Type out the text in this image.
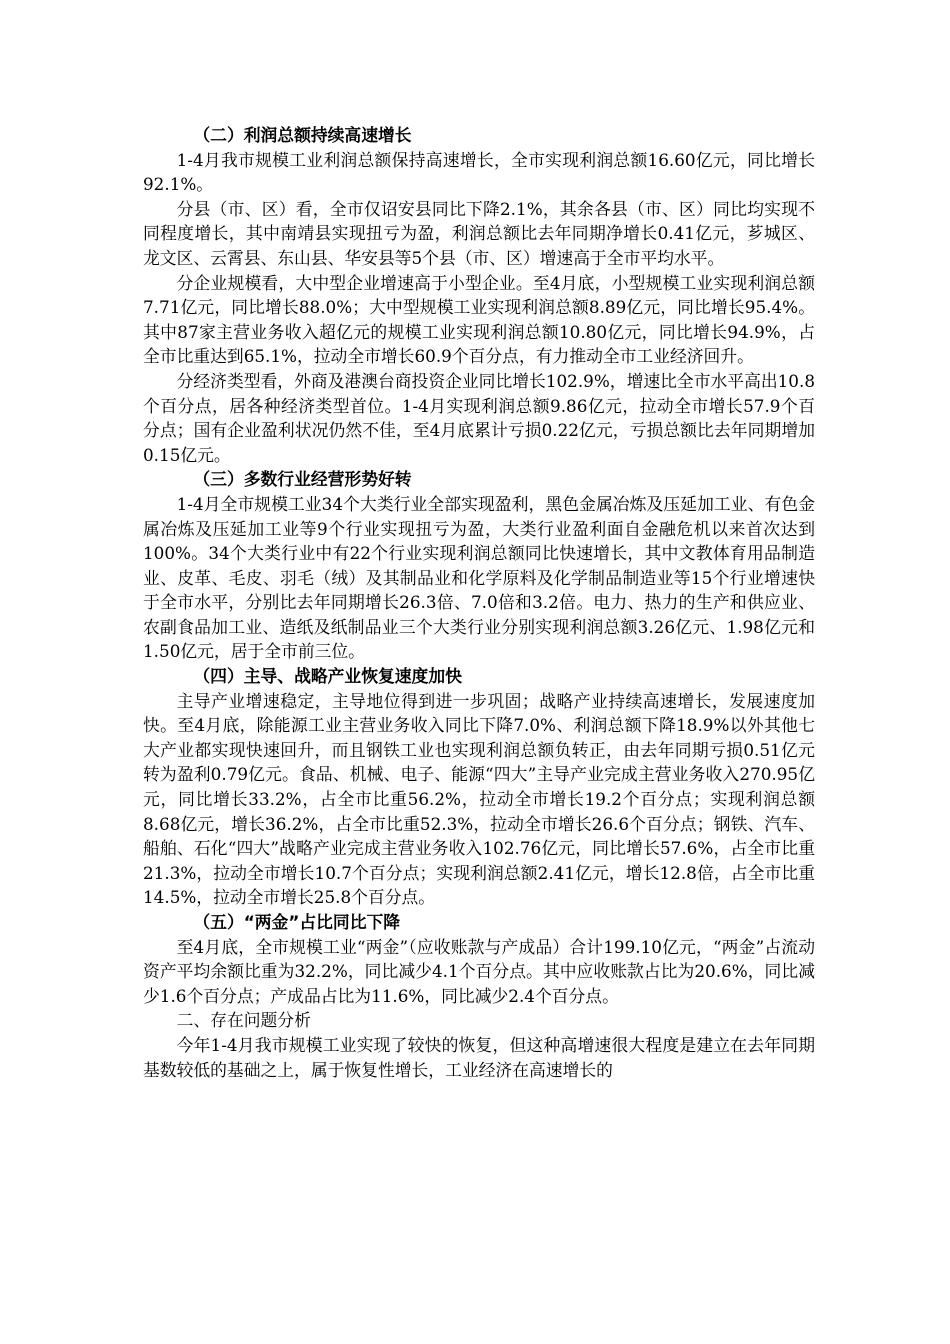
（二）利润总额持续高速增长

1-4月我市规模工业利润总额保持高速增长，全市实现利润总额16.60亿元，同比增长92.1%。

分县（市、区）看，全市仅诏安县同比下降2.1%，其余各县（市、区）同比均实现不同程度增长，其中南靖县实现扭亏为盈，利润总额比去年同期净增长0.41亿元，芗城区、龙文区、云霄县、东山县、华安县等5个县（市、区）增速高于全市平均水平。

分企业规模看，大中型企业增速高于小型企业。至4月底，小型规模工业实现利润总额7.71亿元，同比增长88.0%；大中型规模工业实现利润总额8.89亿元，同比增长95.4%。其中87家主营业务收入超亿元的规模工业实现利润总额10.80亿元，同比增长94.9%，占全市比重达到65.1%，拉动全市增长60.9个百分点，有力推动全市工业经济回升。

分经济类型看，外商及港澳台商投资企业同比增长102.9%，增速比全市水平高出10.8个百分点，居各种经济类型首位。1-4月实现利润总额9.86亿元，拉动全市增长57.9个百分点；国有企业盈利状况仍然不佳，至4月底累计亏损0.22亿元，亏损总额比去年同期增加0.15亿元。

（三）多数行业经营形势好转

1-4月全市规模工业34个大类行业全部实现盈利，黑色金属冶炼及压延加工业、有色金属冶炼及压延加工业等9个行业实现扭亏为盈，大类行业盈利面自金融危机以来首次达到100%。34个大类行业中有22个行业实现利润总额同比快速增长，其中文教体育用品制造业、皮革、毛皮、羽毛（绒）及其制品业和化学原料及化学制品制造业等15个行业增速快于全市水平，分别比去年同期增长26.3倍、7.0倍和3.2倍。电力、热力的生产和供应业、农副食品加工业、造纸及纸制品业三个大类行业分别实现利润总额3.26亿元、1.98亿元和1.50亿元，居于全市前三位。

（四）主导、战略产业恢复速度加快

主导产业增速稳定，主导地位得到进一步巩固；战略产业持续高速增长，发展速度加快。至4月底，除能源工业主营业务收入同比下降7.0%、利润总额下降18.9%以外其他七大产业都实现快速回升，而且钢铁工业也实现利润总额负转正，由去年同期亏损0.51亿元转为盈利0.79亿元。食品、机械、电子、能源“四大”主导产业完成主营业务收入270.95亿元，同比增长33.2%，占全市比重56.2%，拉动全市增长19.2个百分点；实现利润总额8.68亿元，增长36.2%，占全市比重52.3%，拉动全市增长26.6个百分点；钢铁、汽车、船舶、石化“四大”战略产业完成主营业务收入102.76亿元，同比增长57.6%，占全市比重21.3%，拉动全市增长10.7个百分点；实现利润总额2.41亿元，增长12.8倍，占全市比重14.5%，拉动全市增长25.8个百分点。

（五）“两金”占比同比下降

至4月底，全市规模工业“两金”（应收账款与产成品）合计199.10亿元，“两金”占流动资产平均余额比重为32.2%，同比减少4.1个百分点。其中应收账款占比为20.6%，同比减少1.6个百分点；产成品占比为11.6%，同比减少2.4个百分点。

二、存在问题分析

今年1-4月我市规模工业实现了较快的恢复，但这种高增速很大程度是建立在去年同期基数较低的基础之上，属于恢复性增长，工业经济在高速增长的
